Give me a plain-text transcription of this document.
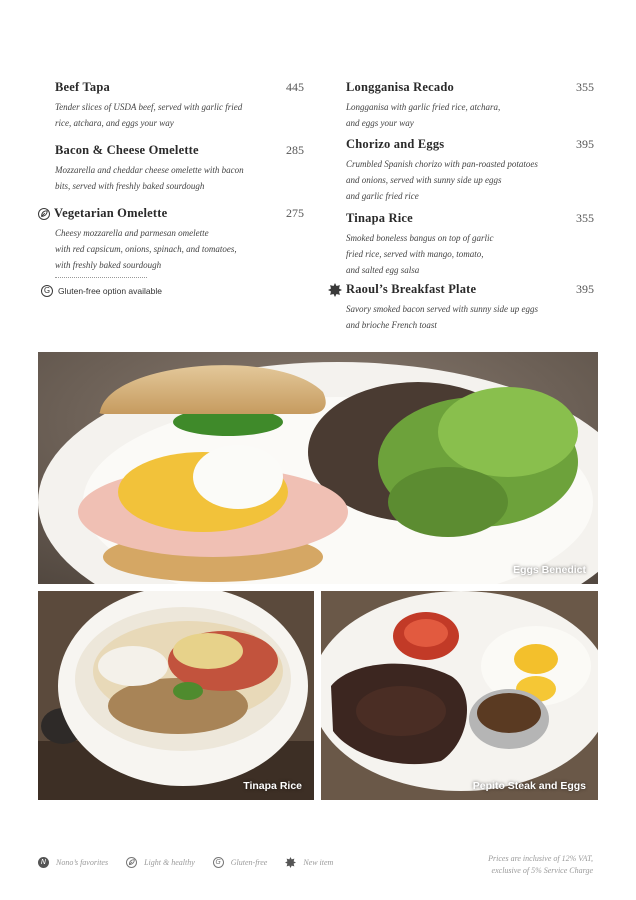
Beef Tapa	445
Tender slices of USDA beef, served with garlic fried
rice, atchara, and eggs your way
Bacon & Cheese Omelette	285
Mozzarella and cheddar cheese omelette with bacon
bits, served with freshly baked sourdough
Vegetarian Omelette	275
Cheesy mozzarella and parmesan omelette
with red capsicum, onions, spinach, and tomatoes,
with freshly baked sourdough
G Gluten-free option available
Longganisa Recado	355
Longganisa with garlic fried rice, atchara,
and eggs your way
Chorizo and Eggs	395
Crumbled Spanish chorizo with pan-roasted potatoes
and onions, served with sunny side up eggs
and garlic fried rice
Tinapa Rice	355
Smoked boneless bangus on top of garlic
fried rice, served with mango, tomato,
and salted egg salsa
Raoul’s Breakfast Plate	395
Savory smoked bacon served with sunny side up eggs
and brioche French toast
Eggs Benedict
Tinapa Rice	Pepito Steak and Eggs
N	Nono’s favorites	Light & healthy	G	Gluten-free	New item	Prices are inclusive of 12% VAT,
exclusive of 5% Service Charge
